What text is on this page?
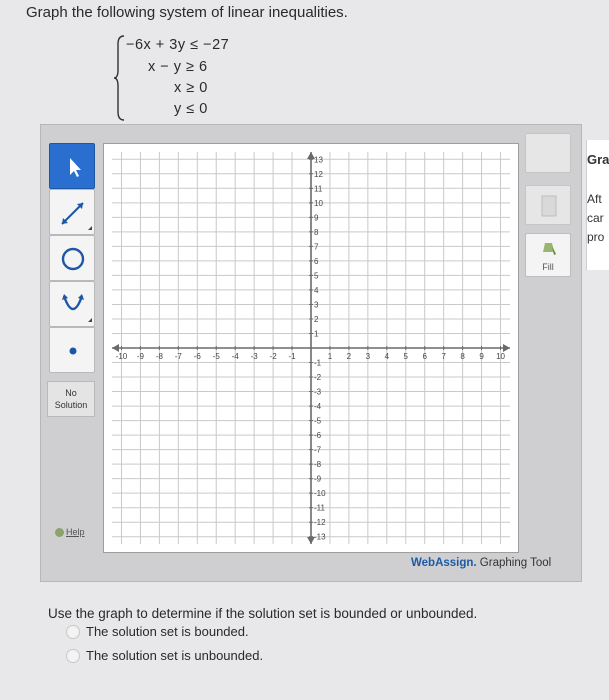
Graph the following system of linear inequalities.
−6x + 3y ≤ −27
x − y ≥ 6
x ≥ 0
y ≤ 0
No
Solution
Help
-10 -9 -8 -7 -6 -5 -4 -3 -2 -1	1 2 3 4 5 6 7 8 9 10
13
12
11
10
9
8
7
6
5
4
3
2
1
-1
-2
-3
-4
-5
-6
-7
-8
-9
-10
-11
-12
-13
Fill
WebAssign. Graphing Tool
Gra
Aft
car
pro
Use the graph to determine if the solution set is bounded or unbounded.
The solution set is bounded.
The solution set is unbounded.
